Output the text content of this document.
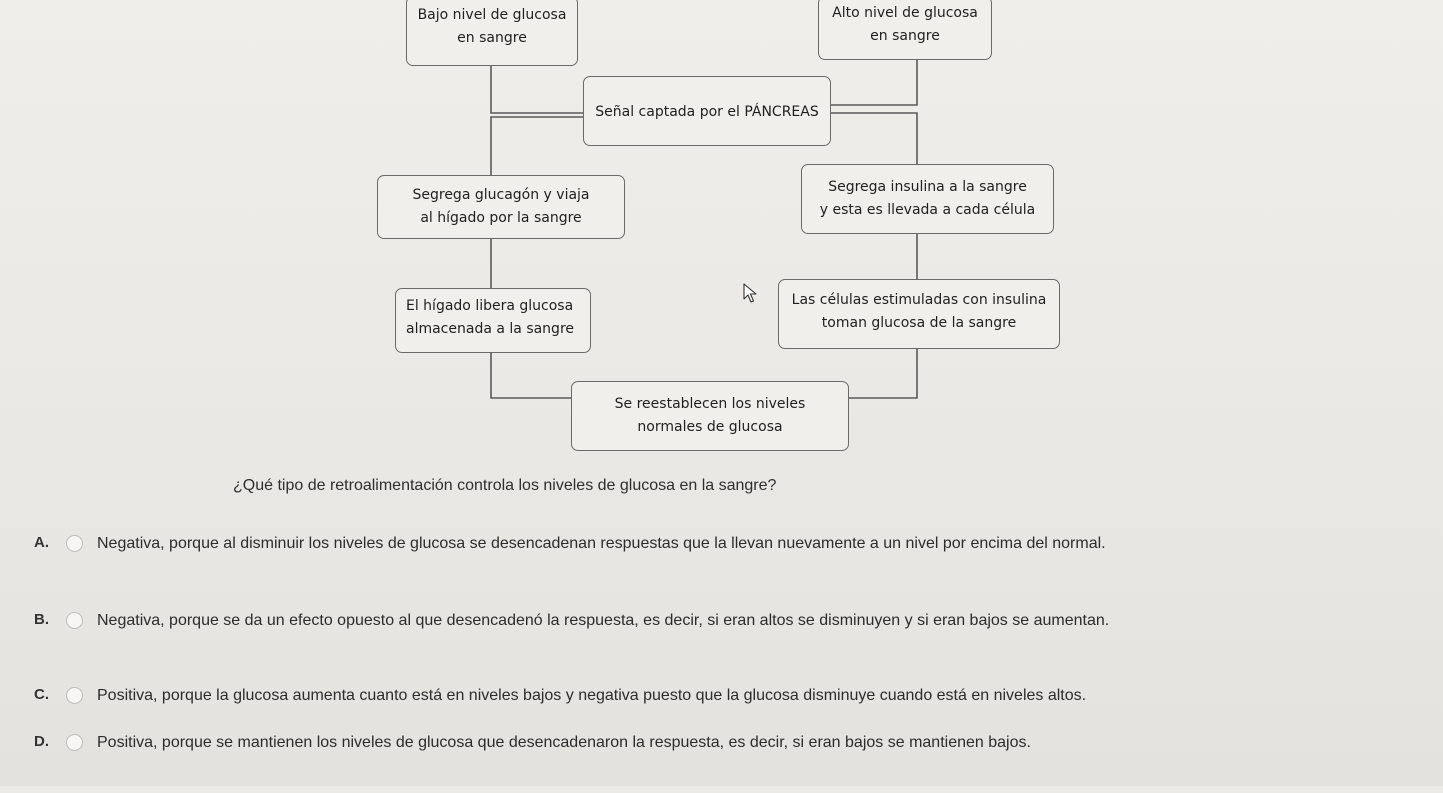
Bajo nivel de glucosa
en sangre
Alto nivel de glucosa
en sangre
Señal captada por el PÁNCREAS
Segrega glucagón y viaja
al hígado por la sangre
Segrega insulina a la sangre
y esta es llevada a cada célula
El hígado libera glucosa
almacenada a la sangre
Las células estimuladas con insulina
toman glucosa de la sangre
Se reestablecen los niveles
normales de glucosa
¿Qué tipo de retroalimentación controla los niveles de glucosa en la sangre?
A.	Negativa, porque al disminuir los niveles de glucosa se desencadenan respuestas que la llevan nuevamente a un nivel por encima del normal.
B.	Negativa, porque se da un efecto opuesto al que desencadenó la respuesta, es decir, si eran altos se disminuyen y si eran bajos se aumentan.
C.	Positiva, porque la glucosa aumenta cuanto está en niveles bajos y negativa puesto que la glucosa disminuye cuando está en niveles altos.
D.	Positiva, porque se mantienen los niveles de glucosa que desencadenaron la respuesta, es decir, si eran bajos se mantienen bajos.
